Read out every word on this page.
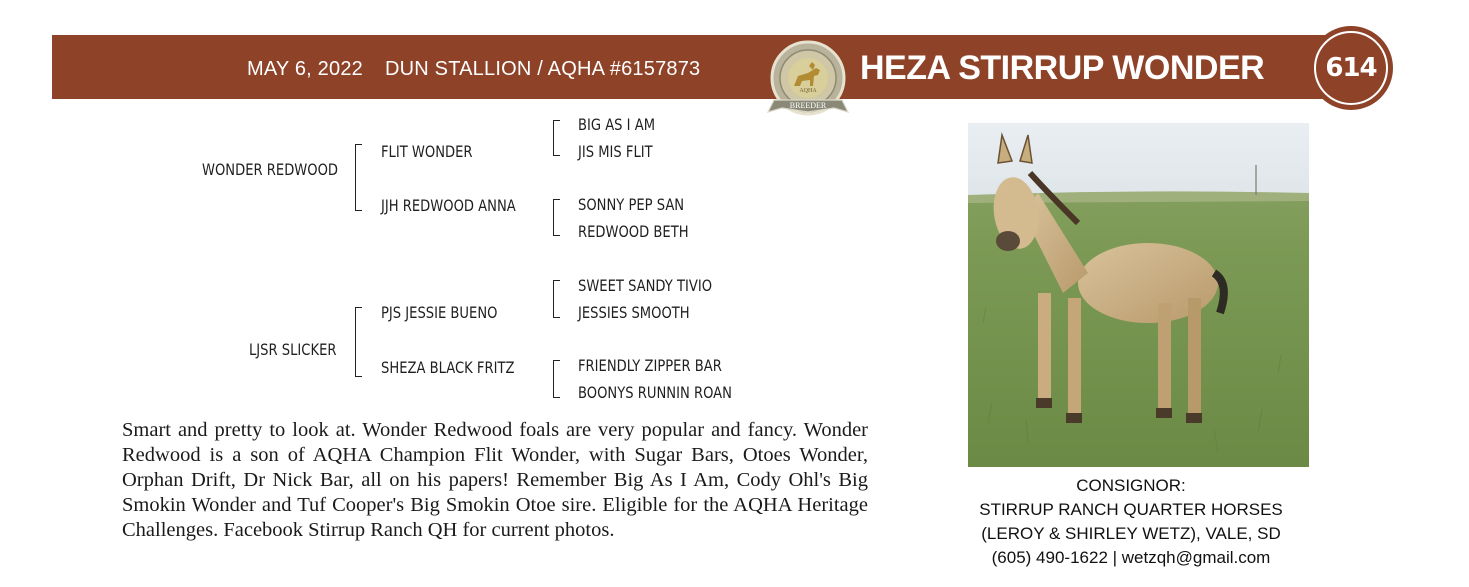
MAY 6, 2022 DUN STALLION / AQHA #6157873
BREEDER
AQHA
HEZA STIRRUP WONDER	614
WONDER REDWOOD
FLIT WONDER
JJH REDWOOD ANNA
BIG AS I AM
JIS MIS FLIT
SONNY PEP SAN
REDWOOD BETH
LJSR SLICKER
PJS JESSIE BUENO
SHEZA BLACK FRITZ
SWEET SANDY TIVIO
JESSIES SMOOTH
FRIENDLY ZIPPER BAR
BOONYS RUNNIN ROAN
Smart and pretty to look at. Wonder Redwood foals are very popular and fancy. Wonder Redwood is a son of AQHA Champion Flit Wonder, with Sugar Bars, Otoes Wonder, Orphan Drift, Dr Nick Bar, all on his papers! Remember Big As I Am, Cody Ohl's Big Smokin Wonder and Tuf Cooper's Big Smokin Otoe sire. Eligible for the AQHA Heritage Challenges. Facebook Stirrup Ranch QH for current photos.
CONSIGNOR:
STIRRUP RANCH QUARTER HORSES
(LEROY & SHIRLEY WETZ), VALE, SD
(605) 490-1622 | wetzqh@gmail.com
